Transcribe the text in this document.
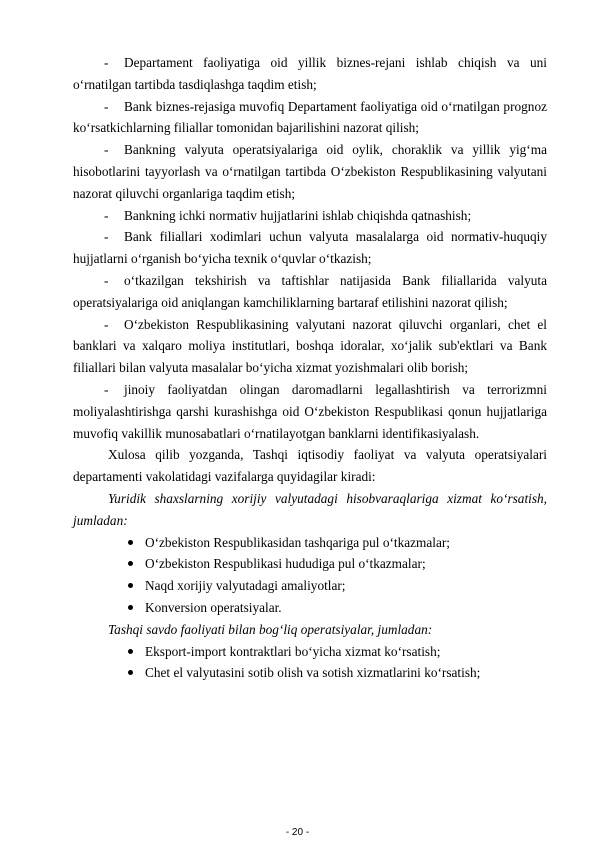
- Departament faoliyatiga oid yillik biznes-rejani ishlab chiqish va uni o‘rnatilgan tartibda tasdiqlashga taqdim etish;

- Bank biznes-rejasiga muvofiq Departament faoliyatiga oid o‘rnatilgan prognoz ko‘rsatkichlarning filiallar tomonidan bajarilishini nazorat qilish;

- Bankning valyuta operatsiyalariga oid oylik, choraklik va yillik yig‘ma hisobotlarini tayyorlash va o‘rnatilgan tartibda O‘zbekiston Respublikasining valyutani nazorat qiluvchi organlariga taqdim etish;

- Bankning ichki normativ hujjatlarini ishlab chiqishda qatnashish;

- Bank filiallari xodimlari uchun valyuta masalalarga oid normativ-huquqiy hujjatlarni o‘rganish bo‘yicha texnik o‘quvlar o‘tkazish;

- o‘tkazilgan tekshirish va taftishlar natijasida Bank filiallarida valyuta operatsiyalariga oid aniqlangan kamchiliklarning bartaraf etilishini nazorat qilish;

- O‘zbekiston Respublikasining valyutani nazorat qiluvchi organlari, chet el banklari va xalqaro moliya institutlari, boshqa idoralar, xo‘jalik sub'ektlari va Bank filiallari bilan valyuta masalalar bo‘yicha xizmat yozishmalari olib borish;

- jinoiy faoliyatdan olingan daromadlarni legallashtirish va terrorizmni moliyalashtirishga qarshi kurashishga oid O‘zbekiston Respublikasi qonun hujjatlariga muvofiq vakillik munosabatlari o‘rnatilayotgan banklarni identifikasiyalash.

Xulosa qilib yozganda, Tashqi iqtisodiy faoliyat va valyuta operatsiyalari departamenti vakolatidagi vazifalarga quyidagilar kiradi:

Yuridik shaxslarning xorijiy valyutadagi hisobvaraqlariga xizmat ko‘rsatish, jumladan:

O‘zbekiston Respublikasidan tashqariga pul o‘tkazmalar;
O‘zbekiston Respublikasi hududiga pul o‘tkazmalar;
Naqd xorijiy valyutadagi amaliyotlar;
Konversion operatsiyalar.

Tashqi savdo faoliyati bilan bog‘liq operatsiyalar, jumladan:

Eksport-import kontraktlari bo‘yicha xizmat ko‘rsatish;
Chet el valyutasini sotib olish va sotish xizmatlarini ko‘rsatish;
- 20 -
